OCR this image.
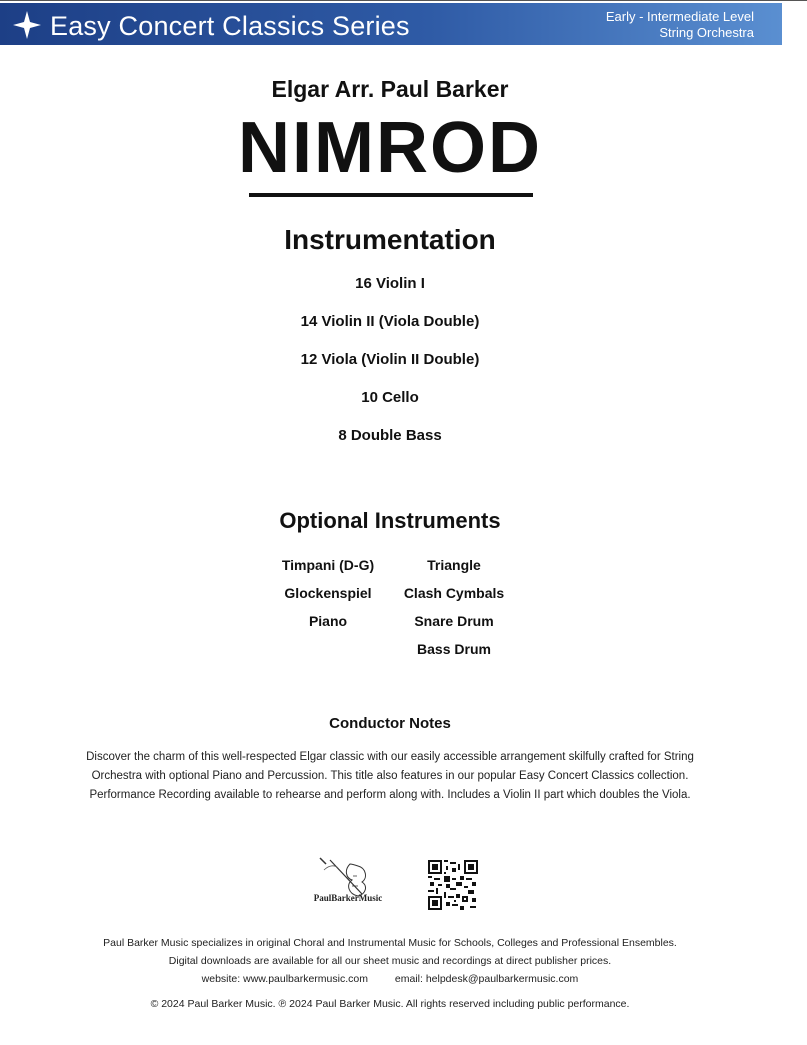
Easy Concert Classics Series	Early - Intermediate Level
String Orchestra
Elgar Arr. Paul Barker
NIMROD
Instrumentation
16 Violin I
14 Violin II (Viola Double)
12 Viola (Violin II Double)
10 Cello
8 Double Bass
Optional Instruments
Timpani (D-G)
Glockenspiel
Piano
Triangle
Clash Cymbals
Snare Drum
Bass Drum
Conductor Notes
Discover the charm of this well-respected Elgar classic with our easily accessible arrangement skilfully crafted for String Orchestra with optional Piano and Percussion. This title also features in our popular Easy Concert Classics collection. Performance Recording available to rehearse and perform along with. Includes a Violin II part which doubles the Viola.
PaulBarkerMusic
Paul Barker Music specializes in original Choral and Instrumental Music for Schools, Colleges and Professional Ensembles.
Digital downloads are available for all our sheet music and recordings at direct publisher prices.
website: www.paulbarkermusic.com	email: helpdesk@paulbarkermusic.com
© 2024 Paul Barker Music. ℗ 2024 Paul Barker Music. All rights reserved including public performance.
